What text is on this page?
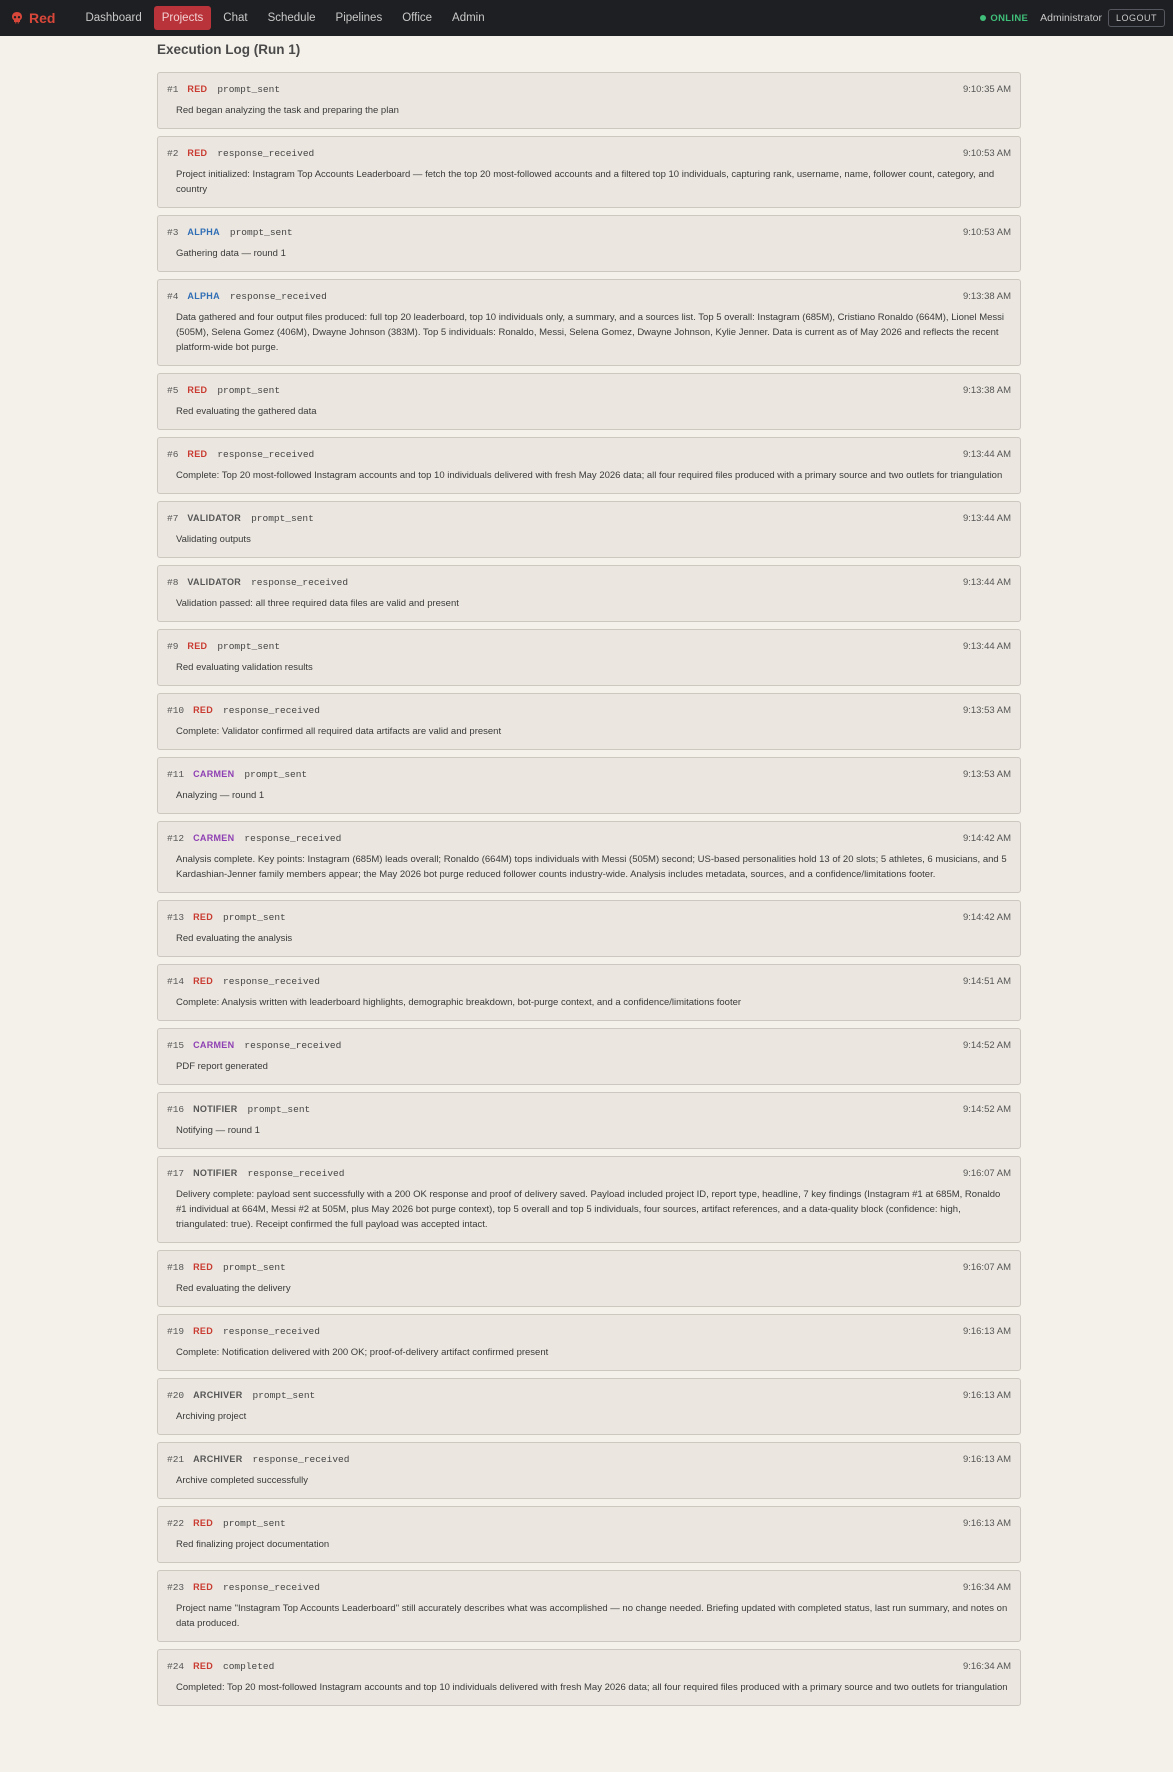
Red	Dashboard	Projects	Chat	Schedule	Pipelines	Office	Admin	ONLINE Administrator	LOGOUT
Execution Log (Run 1)
#1 RED prompt_sent	9:10:35 AM
Red began analyzing the task and preparing the plan
#2 RED response_received	9:10:53 AM
Project initialized: Instagram Top Accounts Leaderboard — fetch the top 20 most-followed accounts and a filtered top 10 individuals, capturing rank, username, name, follower count, category, and country
#3 ALPHA prompt_sent	9:10:53 AM
Gathering data — round 1
#4 ALPHA response_received	9:13:38 AM
Data gathered and four output files produced: full top 20 leaderboard, top 10 individuals only, a summary, and a sources list. Top 5 overall: Instagram (685M), Cristiano Ronaldo (664M), Lionel Messi (505M), Selena Gomez (406M), Dwayne Johnson (383M). Top 5 individuals: Ronaldo, Messi, Selena Gomez, Dwayne Johnson, Kylie Jenner. Data is current as of May 2026 and reflects the recent platform-wide bot purge.
#5 RED prompt_sent	9:13:38 AM
Red evaluating the gathered data
#6 RED response_received	9:13:44 AM
Complete: Top 20 most-followed Instagram accounts and top 10 individuals delivered with fresh May 2026 data; all four required files produced with a primary source and two outlets for triangulation
#7 VALIDATOR prompt_sent	9:13:44 AM
Validating outputs
#8 VALIDATOR response_received	9:13:44 AM
Validation passed: all three required data files are valid and present
#9 RED prompt_sent	9:13:44 AM
Red evaluating validation results
#10 RED response_received	9:13:53 AM
Complete: Validator confirmed all required data artifacts are valid and present
#11 CARMEN prompt_sent	9:13:53 AM
Analyzing — round 1
#12 CARMEN response_received	9:14:42 AM
Analysis complete. Key points: Instagram (685M) leads overall; Ronaldo (664M) tops individuals with Messi (505M) second; US-based personalities hold 13 of 20 slots; 5 athletes, 6 musicians, and 5 Kardashian-Jenner family members appear; the May 2026 bot purge reduced follower counts industry-wide. Analysis includes metadata, sources, and a confidence/limitations footer.
#13 RED prompt_sent	9:14:42 AM
Red evaluating the analysis
#14 RED response_received	9:14:51 AM
Complete: Analysis written with leaderboard highlights, demographic breakdown, bot-purge context, and a confidence/limitations footer
#15 CARMEN response_received	9:14:52 AM
PDF report generated
#16 NOTIFIER prompt_sent	9:14:52 AM
Notifying — round 1
#17 NOTIFIER response_received	9:16:07 AM
Delivery complete: payload sent successfully with a 200 OK response and proof of delivery saved. Payload included project ID, report type, headline, 7 key findings (Instagram #1 at 685M, Ronaldo #1 individual at 664M, Messi #2 at 505M, plus May 2026 bot purge context), top 5 overall and top 5 individuals, four sources, artifact references, and a data-quality block (confidence: high, triangulated: true). Receipt confirmed the full payload was accepted intact.
#18 RED prompt_sent	9:16:07 AM
Red evaluating the delivery
#19 RED response_received	9:16:13 AM
Complete: Notification delivered with 200 OK; proof-of-delivery artifact confirmed present
#20 ARCHIVER prompt_sent	9:16:13 AM
Archiving project
#21 ARCHIVER response_received	9:16:13 AM
Archive completed successfully
#22 RED prompt_sent	9:16:13 AM
Red finalizing project documentation
#23 RED response_received	9:16:34 AM
Project name "Instagram Top Accounts Leaderboard" still accurately describes what was accomplished — no change needed. Briefing updated with completed status, last run summary, and notes on data produced.
#24 RED completed	9:16:34 AM
Completed: Top 20 most-followed Instagram accounts and top 10 individuals delivered with fresh May 2026 data; all four required files produced with a primary source and two outlets for triangulation
